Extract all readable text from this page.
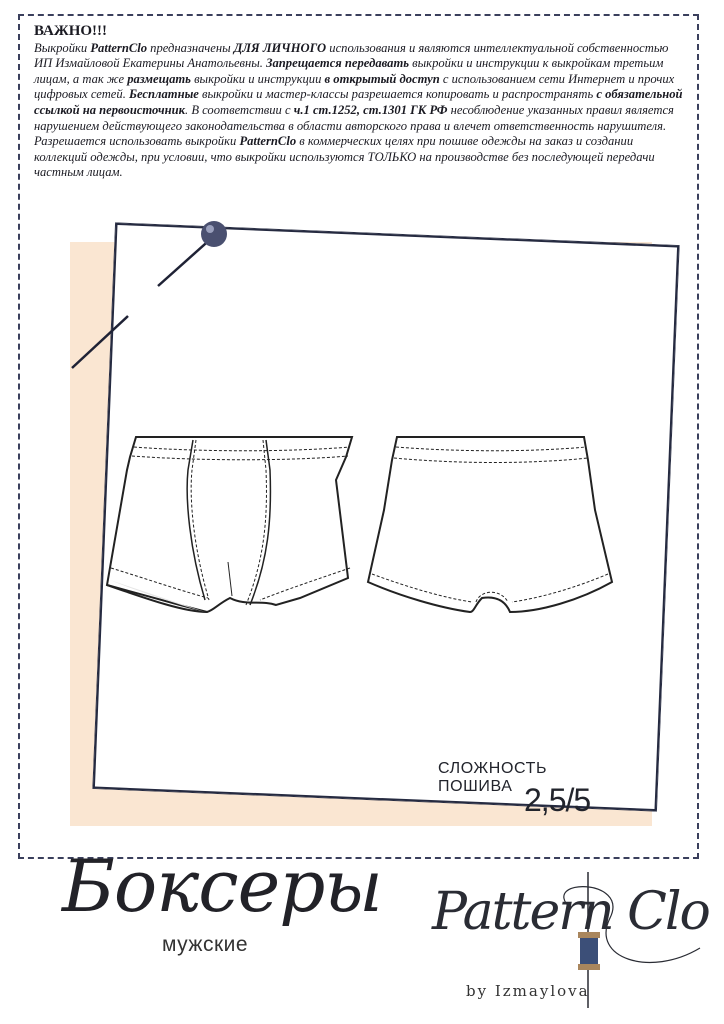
ВАЖНО!!!
Выкройки PatternClo предназначены ДЛЯ ЛИЧНОГО использования и являются интеллектуальной собственностью ИП Измайловой Екатерины Анатольевны. Запрещается передавать выкройки и инструкции к выкройкам третьим лицам, а так же размещать выкройки и инструкции в открытый доступ с использованием сети Интернет и прочих цифровых сетей. Бесплатные выкройки и мастер-классы разрешается копировать и распространять с обязательной ссылкой на первоисточник. В соответствии с ч.1 ст.1252, ст.1301 ГК РФ несоблюдение указанных правил является нарушением действующего законодательства в области авторского права и влечет ответственность нарушителя. Разрешается использовать выкройки PatternClo в коммерческих целях при пошиве одежды на заказ и создании коллекций одежды, при условии, что выкройки используются ТОЛЬКО на производстве без последующей передачи частным лицам.
СЛОЖНОСТЬ
ПОШИВА 2,5/5
Боксеры
мужские
Pattern Clo
by Izmaylova
